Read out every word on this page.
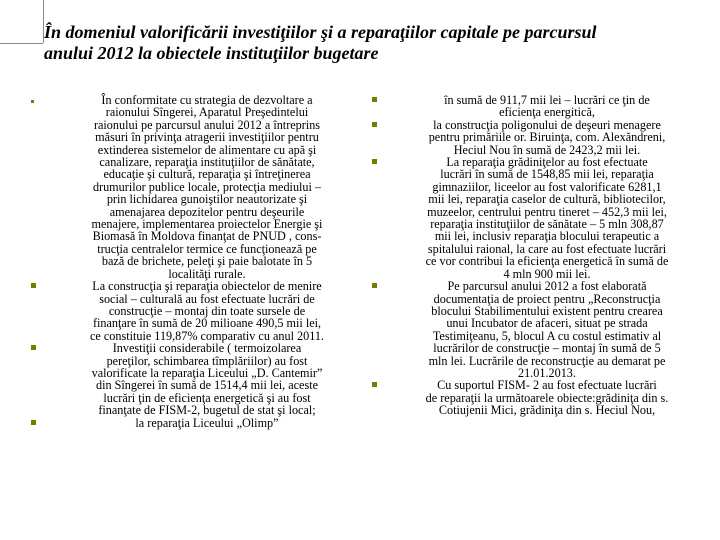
În domeniul valorificării investiţiilor şi a reparaţiilor capitale pe parcursul
anului 2012 la obiectele instituţiilor bugetare

În conformitate cu strategia de dezvoltare a

raionului Sîngerei, Aparatul Preşedintelui

raionului pe parcursul anului 2012 a întreprins

măsuri în privinţa atragerii investiţiilor pentru

extinderea sistemelor de alimentare cu apă şi

canalizare, reparaţia instituţiilor de sănătate,

educaţie şi cultură, reparaţia şi întreţinerea

drumurilor publice locale, protecţia mediului –

prin lichidarea gunoiştilor neautorizate şi

amenajarea depozitelor pentru deşeurile

menajere, implementarea proiectelor Energie şi

Biomasă în Moldova finanţat de PNUD , cons-

trucţia centralelor termice ce funcţionează pe

bază de brichete, peleţi şi paie balotate în 5

localităţi rurale.

La construcţia şi reparaţia obiectelor de menire

social – culturală au fost efectuate lucrări de

construcţie – montaj din toate sursele de

finanţare în sumă de 20 milioane 490,5 mii lei,

ce constituie 119,87% comparativ cu anul 2011.

Investiţii considerabile ( termoizolarea

pereţilor, schimbarea tîmplăriilor) au fost

valorificate la reparaţia Liceului „D. Cantemir”

din Sîngerei în sumă de 1514,4 mii lei, aceste

lucrări ţin de eficienţa energetică şi au fost

finanţate de FISM-2, bugetul de stat şi local;

la reparaţia Liceului „Olimp”

în sumă de 911,7 mii lei – lucrări ce ţin de

eficienţa energitică,

la construcţia poligonului de deşeuri menagere

pentru primăriile or. Biruinţa, com. Alexăndreni,

Heciul Nou în sumă de 2423,2 mii lei.

La reparaţia grădiniţelor au fost efectuate

lucrări în sumă de 1548,85 mii lei, reparaţia

gimnaziilor, liceelor au fost valorificate 6281,1

mii lei, reparaţia caselor de cultură, bibliotecilor,

muzeelor, centrului pentru tineret – 452,3 mii lei,

reparaţia instituţiilor de sănătate – 5 mln 308,87

mii lei, inclusiv reparaţia blocului terapeutic a

spitalului raional, la care au fost efectuate lucrări

ce vor contribui la eficienţa energetică în sumă de

4 mln 900 mii lei.

Pe parcursul anului 2012 a fost elaborată

documentaţia de proiect pentru „Reconstrucţia

blocului Stabilimentului existent pentru crearea

unui Incubator de afaceri, situat pe strada

Testimiţeanu, 5, blocul A cu costul estimativ al

lucrărilor de construcţie – montaj în sumă de 5

mln lei. Lucrările de reconstrucţie au demarat pe

21.01.2013.

Cu suportul FISM- 2 au fost efectuate lucrări

de reparaţii la următoarele obiecte:grădiniţa din s.

Cotiujenii Mici, grădiniţa din s. Heciul Nou,
